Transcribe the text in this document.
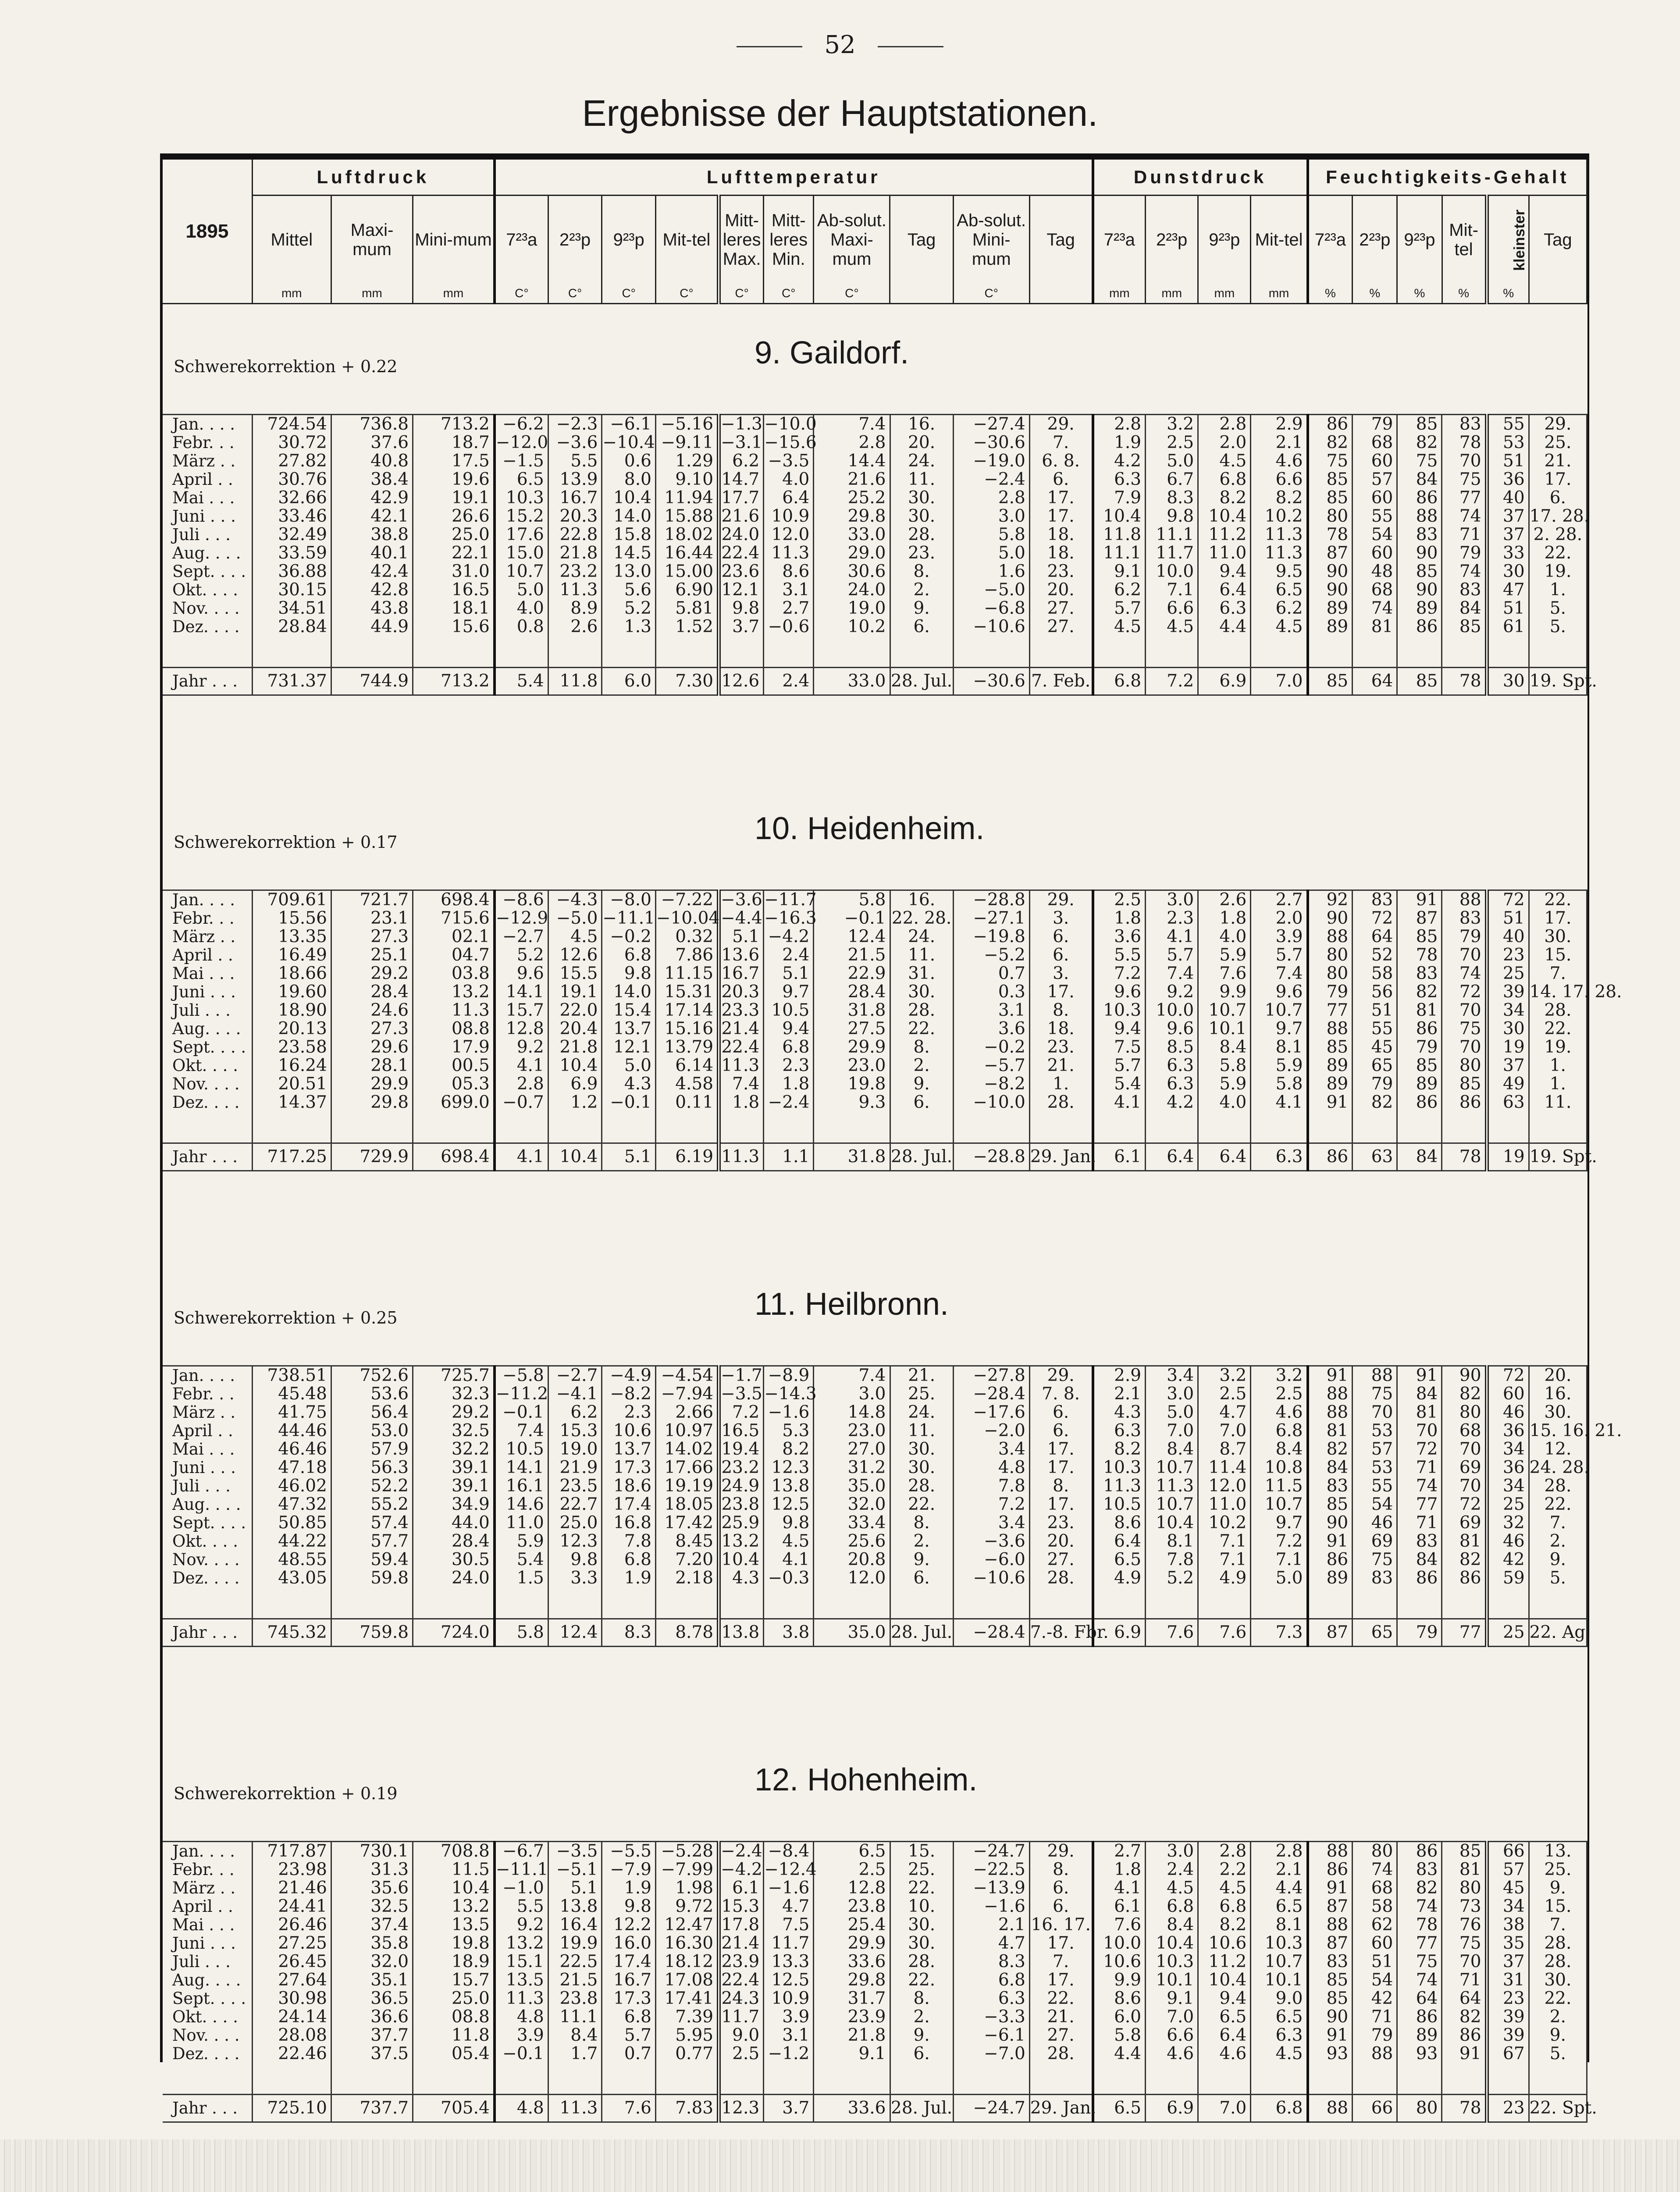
52
Ergebnisse der Hauptstationen.
1895	Luftdruck			Lufttemperatur										Dunstdruck				Feuchtigkeits-Gehalt					
	Mittel	Maxi-mum	Mini-mum	7²³a	2²³p	9²³p	Mit-tel	Mitt-leres Max.	Mitt-leres Min.	Ab-solut. Maxi-mum	Tag	Ab-solut. Mini-mum	Tag	7²³a	2²³p	9²³p	Mit-tel	7²³a	2²³p	9²³p	Mit-tel	kleinster	Tag
	mm	mm	mm	C°	C°	C°	C°	C°	C°	C°		C°		mm	mm	mm	mm	%	%	%	%	%	
Schwerekorrektion + 0.22	9. Gaildorf.
Jan. . . .	724.54	736.8	713.2	−6.2	−2.3	−6.1	−5.16	−1.3	−10.0	7.4	16.	−27.4	29.	2.8	3.2	2.8	2.9	86	79	85	83	55	29.
Febr. . .	30.72	37.6	18.7	−12.0	−3.6	−10.4	−9.11	−3.1	−15.6	2.8	20.	−30.6	7.	1.9	2.5	2.0	2.1	82	68	82	78	53	25.
März . .	27.82	40.8	17.5	−1.5	5.5	0.6	1.29	6.2	−3.5	14.4	24.	−19.0	6. 8.	4.2	5.0	4.5	4.6	75	60	75	70	51	21.
April . .	30.76	38.4	19.6	6.5	13.9	8.0	9.10	14.7	4.0	21.6	11.	−2.4	6.	6.3	6.7	6.8	6.6	85	57	84	75	36	17.
Mai . . .	32.66	42.9	19.1	10.3	16.7	10.4	11.94	17.7	6.4	25.2	30.	2.8	17.	7.9	8.3	8.2	8.2	85	60	86	77	40	6.
Juni . . .	33.46	42.1	26.6	15.2	20.3	14.0	15.88	21.6	10.9	29.8	30.	3.0	17.	10.4	9.8	10.4	10.2	80	55	88	74	37	17. 28.
Juli . . .	32.49	38.8	25.0	17.6	22.8	15.8	18.02	24.0	12.0	33.0	28.	5.8	18.	11.8	11.1	11.2	11.3	78	54	83	71	37	2. 28.
Aug. . . .	33.59	40.1	22.1	15.0	21.8	14.5	16.44	22.4	11.3	29.0	23.	5.0	18.	11.1	11.7	11.0	11.3	87	60	90	79	33	22.
Sept. . . .	36.88	42.4	31.0	10.7	23.2	13.0	15.00	23.6	8.6	30.6	8.	1.6	23.	9.1	10.0	9.4	9.5	90	48	85	74	30	19.
Okt. . . .	30.15	42.8	16.5	5.0	11.3	5.6	6.90	12.1	3.1	24.0	2.	−5.0	20.	6.2	7.1	6.4	6.5	90	68	90	83	47	1.
Nov. . . .	34.51	43.8	18.1	4.0	8.9	5.2	5.81	9.8	2.7	19.0	9.	−6.8	27.	5.7	6.6	6.3	6.2	89	74	89	84	51	5.
Dez. . . .	28.84	44.9	15.6	0.8	2.6	1.3	1.52	3.7	−0.6	10.2	6.	−10.6	27.	4.5	4.5	4.4	4.5	89	81	86	85	61	5.

Jahr . . .	731.37	744.9	713.2	5.4	11.8	6.0	7.30	12.6	2.4	33.0	28. Jul.	−30.6	7. Feb.	6.8	7.2	6.9	7.0	85	64	85	78	30	19. Spt.
Schwerekorrektion + 0.17	10. Heidenheim.
Jan. . . .	709.61	721.7	698.4	−8.6	−4.3	−8.0	−7.22	−3.6	−11.7	5.8	16.	−28.8	29.	2.5	3.0	2.6	2.7	92	83	91	88	72	22.
Febr. . .	15.56	23.1	715.6	−12.9	−5.0	−11.1	−10.04	−4.4	−16.3	−0.1	22. 28.	−27.1	3.	1.8	2.3	1.8	2.0	90	72	87	83	51	17.
März . .	13.35	27.3	02.1	−2.7	4.5	−0.2	0.32	5.1	−4.2	12.4	24.	−19.8	6.	3.6	4.1	4.0	3.9	88	64	85	79	40	30.
April . .	16.49	25.1	04.7	5.2	12.6	6.8	7.86	13.6	2.4	21.5	11.	−5.2	6.	5.5	5.7	5.9	5.7	80	52	78	70	23	15.
Mai . . .	18.66	29.2	03.8	9.6	15.5	9.8	11.15	16.7	5.1	22.9	31.	0.7	3.	7.2	7.4	7.6	7.4	80	58	83	74	25	7.
Juni . . .	19.60	28.4	13.2	14.1	19.1	14.0	15.31	20.3	9.7	28.4	30.	0.3	17.	9.6	9.2	9.9	9.6	79	56	82	72	39	14. 17. 28.
Juli . . .	18.90	24.6	11.3	15.7	22.0	15.4	17.14	23.3	10.5	31.8	28.	3.1	8.	10.3	10.0	10.7	10.7	77	51	81	70	34	28.
Aug. . . .	20.13	27.3	08.8	12.8	20.4	13.7	15.16	21.4	9.4	27.5	22.	3.6	18.	9.4	9.6	10.1	9.7	88	55	86	75	30	22.
Sept. . . .	23.58	29.6	17.9	9.2	21.8	12.1	13.79	22.4	6.8	29.9	8.	−0.2	23.	7.5	8.5	8.4	8.1	85	45	79	70	19	19.
Okt. . . .	16.24	28.1	00.5	4.1	10.4	5.0	6.14	11.3	2.3	23.0	2.	−5.7	21.	5.7	6.3	5.8	5.9	89	65	85	80	37	1.
Nov. . . .	20.51	29.9	05.3	2.8	6.9	4.3	4.58	7.4	1.8	19.8	9.	−8.2	1.	5.4	6.3	5.9	5.8	89	79	89	85	49	1.
Dez. . . .	14.37	29.8	699.0	−0.7	1.2	−0.1	0.11	1.8	−2.4	9.3	6.	−10.0	28.	4.1	4.2	4.0	4.1	91	82	86	86	63	11.

Jahr . . .	717.25	729.9	698.4	4.1	10.4	5.1	6.19	11.3	1.1	31.8	28. Jul.	−28.8	29. Jan.	6.1	6.4	6.4	6.3	86	63	84	78	19	19. Spt.
Schwerekorrektion + 0.25	11. Heilbronn.
Jan. . . .	738.51	752.6	725.7	−5.8	−2.7	−4.9	−4.54	−1.7	−8.9	7.4	21.	−27.8	29.	2.9	3.4	3.2	3.2	91	88	91	90	72	20.
Febr. . .	45.48	53.6	32.3	−11.2	−4.1	−8.2	−7.94	−3.5	−14.3	3.0	25.	−28.4	7. 8.	2.1	3.0	2.5	2.5	88	75	84	82	60	16.
März . .	41.75	56.4	29.2	−0.1	6.2	2.3	2.66	7.2	−1.6	14.8	24.	−17.6	6.	4.3	5.0	4.7	4.6	88	70	81	80	46	30.
April . .	44.46	53.0	32.5	7.4	15.3	10.6	10.97	16.5	5.3	23.0	11.	−2.0	6.	6.3	7.0	7.0	6.8	81	53	70	68	36	15. 16. 21.
Mai . . .	46.46	57.9	32.2	10.5	19.0	13.7	14.02	19.4	8.2	27.0	30.	3.4	17.	8.2	8.4	8.7	8.4	82	57	72	70	34	12.
Juni . . .	47.18	56.3	39.1	14.1	21.9	17.3	17.66	23.2	12.3	31.2	30.	4.8	17.	10.3	10.7	11.4	10.8	84	53	71	69	36	24. 28.
Juli . . .	46.02	52.2	39.1	16.1	23.5	18.6	19.19	24.9	13.8	35.0	28.	7.8	8.	11.3	11.3	12.0	11.5	83	55	74	70	34	28.
Aug. . . .	47.32	55.2	34.9	14.6	22.7	17.4	18.05	23.8	12.5	32.0	22.	7.2	17.	10.5	10.7	11.0	10.7	85	54	77	72	25	22.
Sept. . . .	50.85	57.4	44.0	11.0	25.0	16.8	17.42	25.9	9.8	33.4	8.	3.4	23.	8.6	10.4	10.2	9.7	90	46	71	69	32	7.
Okt. . . .	44.22	57.7	28.4	5.9	12.3	7.8	8.45	13.2	4.5	25.6	2.	−3.6	20.	6.4	8.1	7.1	7.2	91	69	83	81	46	2.
Nov. . . .	48.55	59.4	30.5	5.4	9.8	6.8	7.20	10.4	4.1	20.8	9.	−6.0	27.	6.5	7.8	7.1	7.1	86	75	84	82	42	9.
Dez. . . .	43.05	59.8	24.0	1.5	3.3	1.9	2.18	4.3	−0.3	12.0	6.	−10.6	28.	4.9	5.2	4.9	5.0	89	83	86	86	59	5.

Jahr . . .	745.32	759.8	724.0	5.8	12.4	8.3	8.78	13.8	3.8	35.0	28. Jul.	−28.4	7.-8. Fbr.	6.9	7.6	7.6	7.3	87	65	79	77	25	22. Ag.
Schwerekorrektion + 0.19	12. Hohenheim.
Jan. . . .	717.87	730.1	708.8	−6.7	−3.5	−5.5	−5.28	−2.4	−8.4	6.5	15.	−24.7	29.	2.7	3.0	2.8	2.8	88	80	86	85	66	13.
Febr. . .	23.98	31.3	11.5	−11.1	−5.1	−7.9	−7.99	−4.2	−12.4	2.5	25.	−22.5	8.	1.8	2.4	2.2	2.1	86	74	83	81	57	25.
März . .	21.46	35.6	10.4	−1.0	5.1	1.9	1.98	6.1	−1.6	12.8	22.	−13.9	6.	4.1	4.5	4.5	4.4	91	68	82	80	45	9.
April . .	24.41	32.5	13.2	5.5	13.8	9.8	9.72	15.3	4.7	23.8	10.	−1.6	6.	6.1	6.8	6.8	6.5	87	58	74	73	34	15.
Mai . . .	26.46	37.4	13.5	9.2	16.4	12.2	12.47	17.8	7.5	25.4	30.	2.1	16. 17.	7.6	8.4	8.2	8.1	88	62	78	76	38	7.
Juni . . .	27.25	35.8	19.8	13.2	19.9	16.0	16.30	21.4	11.7	29.9	30.	4.7	17.	10.0	10.4	10.6	10.3	87	60	77	75	35	28.
Juli . . .	26.45	32.0	18.9	15.1	22.5	17.4	18.12	23.9	13.3	33.6	28.	8.3	7.	10.6	10.3	11.2	10.7	83	51	75	70	37	28.
Aug. . . .	27.64	35.1	15.7	13.5	21.5	16.7	17.08	22.4	12.5	29.8	22.	6.8	17.	9.9	10.1	10.4	10.1	85	54	74	71	31	30.
Sept. . . .	30.98	36.5	25.0	11.3	23.8	17.3	17.41	24.3	10.9	31.7	8.	6.3	22.	8.6	9.1	9.4	9.0	85	42	64	64	23	22.
Okt. . . .	24.14	36.6	08.8	4.8	11.1	6.8	7.39	11.7	3.9	23.9	2.	−3.3	21.	6.0	7.0	6.5	6.5	90	71	86	82	39	2.
Nov. . . .	28.08	37.7	11.8	3.9	8.4	5.7	5.95	9.0	3.1	21.8	9.	−6.1	27.	5.8	6.6	6.4	6.3	91	79	89	86	39	9.
Dez. . . .	22.46	37.5	05.4	−0.1	1.7	0.7	0.77	2.5	−1.2	9.1	6.	−7.0	28.	4.4	4.6	4.6	4.5	93	88	93	91	67	5.

Jahr . . .	725.10	737.7	705.4	4.8	11.3	7.6	7.83	12.3	3.7	33.6	28. Jul.	−24.7	29. Jan.	6.5	6.9	7.0	6.8	88	66	80	78	23	22. Spt.
